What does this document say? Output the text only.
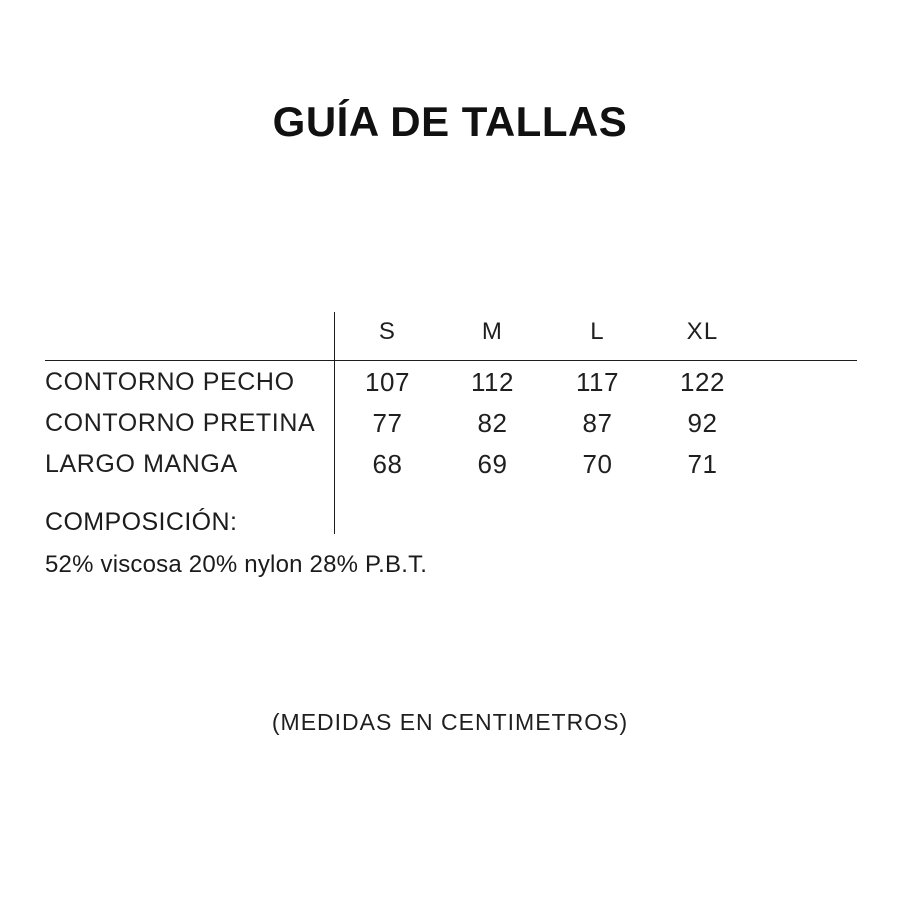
GUÍA DE TALLAS
	S	M	L	XL	
CONTORNO PECHO	107	112	117	122	
CONTORNO PRETINA	77	82	87	92	
LARGO MANGA	68	69	70	71	
COMPOSICIÓN:
52% viscosa 20% nylon 28% P.B.T.
(MEDIDAS EN CENTIMETROS)
